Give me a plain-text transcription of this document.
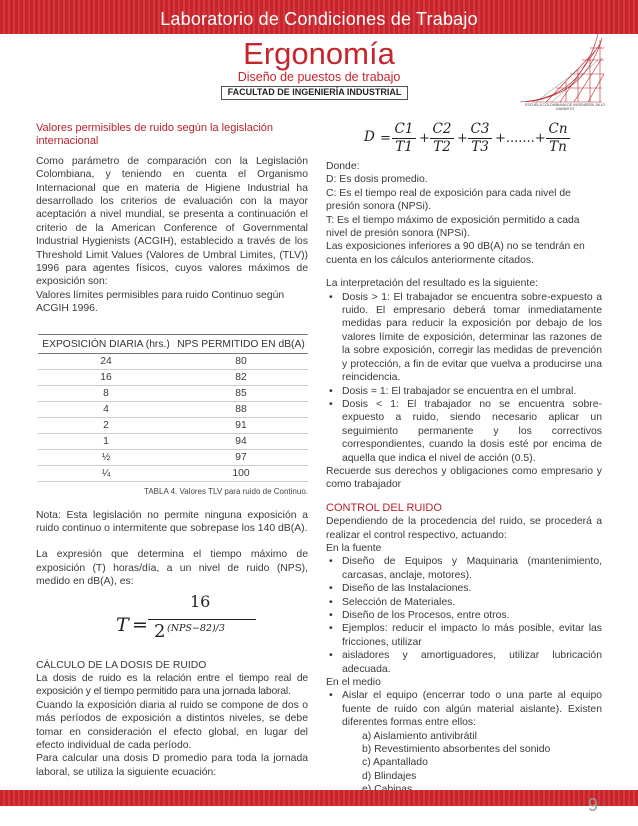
Laboratorio de Condiciones de Trabajo
Ergonomía
Diseño de puestos de trabajo
FACULTAD DE INGENIERÍA INDUSTRIAL
ESCUELA COLOMBIANA DE INGENIERÍA JULIO GARAVITO
Valores permisibles de ruido según la legislación internacional

Como parámetro de comparación con la Legislación Colombiana, y teniendo en cuenta el Organismo Internacional que en materia de Higiene Industrial ha desarrollado los criterios de evaluación con la mayor aceptación a nivel mundial, se presenta a continuación el criterio de la American Conference of Governmental Industrial Hygienists (ACGIH), establecido a través de los Threshold Limit Values (Valores de Umbral Limites, (TLV)) 1996 para agentes físicos, cuyos valores máximos de exposición son:

Valores límites permisibles para ruido Continuo según ACGIH 1996.

EXPOSICIÓN DIARIA (hrs.)	NPS PERMITIDO EN dB(A)
24	80
16	82
8	85
4	88
2	91
1	94
½	97
¼	100
TABLA 4. Valores TLV para ruido de Continuo.

Nota: Esta legislación no permite ninguna exposición a ruido continuo o intermitente que sobrepase los 140 dB(A).

La expresión que determina el tiempo máximo de exposición (T) horas/día, a un nivel de ruido (NPS), medido en dB(A), es:

T =
16
2 (NPS−82)/3

CÁLCULO DE LA DOSIS DE RUIDO

La dosis de ruido es la relación entre el tiempo real de exposición y el tiempo permitido para una jornada laboral.

Cuando la exposición diaria al ruido se compone de dos o más períodos de exposición a distintos niveles, se debe tomar en consideración el efecto global, en lugar del efecto individual de cada período.

Para calcular una dosis D promedio para toda la jornada laboral, se utiliza la siguiente ecuación:

D =
C1
T1
+
C2
T2
+
C3
T3
+.......+
Cn
Tn

Donde:

D: Es dosis promedio.

C: Es el tiempo real de exposición para cada nivel de presión sonora (NPSi).

T: Es el tiempo máximo de exposición permitido a cada nivel de presión sonora (NPSi).

Las exposiciones inferiores a 90 dB(A) no se tendrán en cuenta en los cálculos anteriormente citados.

La interpretación del resultado es la siguiente:

• Dosis > 1: El trabajador se encuentra sobre-expuesto a ruido. El empresario deberá tomar inmediatamente medidas para reducir la exposición por debajo de los valores límite de exposición, determinar las razones de la sobre exposición, corregir las medidas de prevención y protección, a fin de evitar que vuelva a producirse una reincidencia.
• Dosis = 1: El trabajador se encuentra en el umbral.
• Dosis < 1: El trabajador no se encuentra sobre-expuesto a ruido, siendo necesario aplicar un seguimiento permanente y los correctivos correspondientes, cuando la dosis esté por encima de aquella que indica el nivel de acción (0.5).

Recuerde sus derechos y obligaciones como empresario y como trabajador

CONTROL DEL RUIDO

Dependiendo de la procedencia del ruido, se procederá a realizar el control respectivo, actuando:

En la fuente

• Diseño de Equipos y Maquinaria (mantenimiento, carcasas, anclaje, motores).
• Diseño de las Instalaciones.
• Selección de Materiales.
• Diseño de los Procesos, entre otros.
• Ejemplos: reducir el impacto lo más posible, evitar las fricciones, utilizar
• aisladores y amortiguadores, utilizar lubricación adecuada.

En el medio

• Aislar el equipo (encerrar todo o una parte al equipo fuente de ruido con algún material aislante). Existen diferentes formas entre ellos:

a) Aislamiento antivibrátil

b) Revestimiento absorbentes del sonido

c) Apantallado

d) Blindajes

9
